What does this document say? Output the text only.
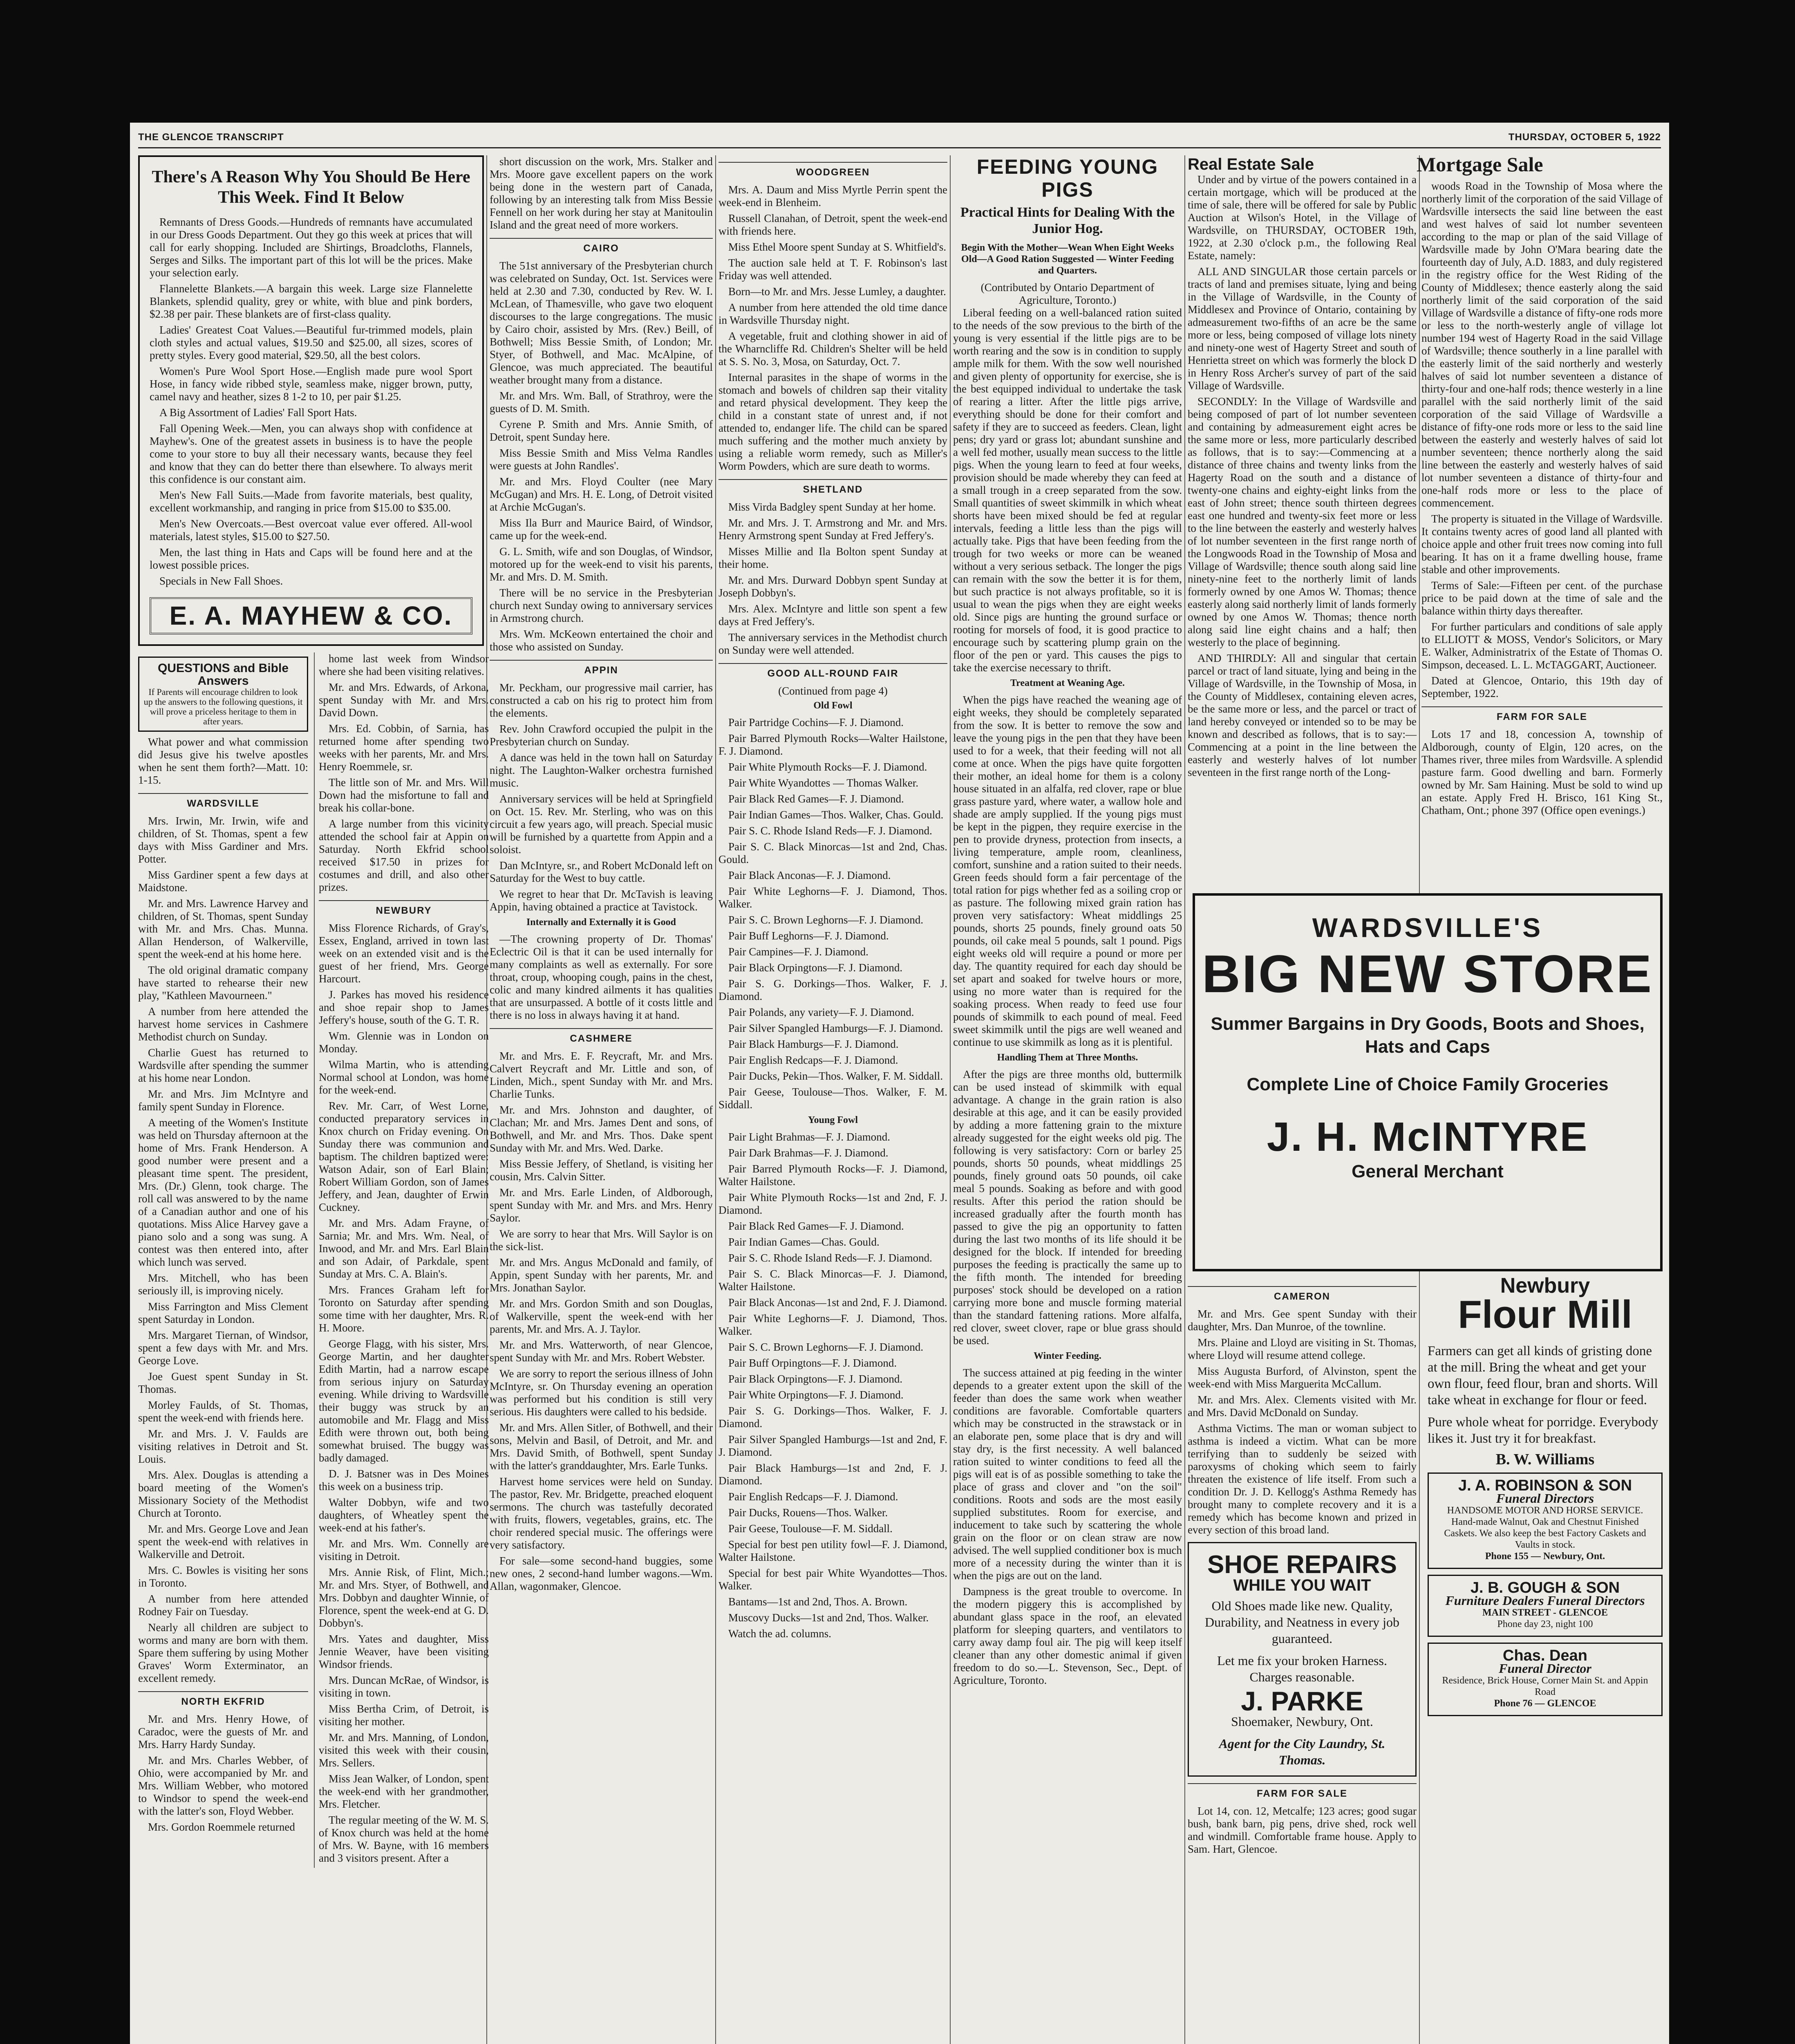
THE GLENCOE TRANSCRIPT	THURSDAY, OCTOBER 5, 1922
There's A Reason Why You Should Be Here This Week. Find It Below

Remnants of Dress Goods.—Hundreds of remnants have accumulated in our Dress Goods Department. Out they go this week at prices that will call for early shopping. Included are Shirtings, Broadcloths, Flannels, Serges and Silks. The important part of this lot will be the prices. Make your selection early.

Flannelette Blankets.—A bargain this week. Large size Flannelette Blankets, splendid quality, grey or white, with blue and pink borders, $2.38 per pair. These blankets are of first-class quality.

Ladies' Greatest Coat Values.—Beautiful fur-trimmed models, plain cloth styles and actual values, $19.50 and $25.00, all sizes, scores of pretty styles. Every good material, $29.50, all the best colors.

Women's Pure Wool Sport Hose.—English made pure wool Sport Hose, in fancy wide ribbed style, seamless make, nigger brown, putty, camel navy and heather, sizes 8 1-2 to 10, per pair $1.25.

A Big Assortment of Ladies' Fall Sport Hats.

Fall Opening Week.—Men, you can always shop with confidence at Mayhew's. One of the greatest assets in business is to have the people come to your store to buy all their necessary wants, because they feel and know that they can do better there than elsewhere. To always merit this confidence is our constant aim.

Men's New Fall Suits.—Made from favorite materials, best quality, excellent workmanship, and ranging in price from $15.00 to $35.00.

Men's New Overcoats.—Best overcoat value ever offered. All-wool materials, latest styles, $15.00 to $27.50.

Men, the last thing in Hats and Caps will be found here and at the lowest possible prices.

Specials in New Fall Shoes.

E. A. MAYHEW & CO.
QUESTIONS and Bible Answers
If Parents will encourage children to look up the answers to the following questions, it will prove a priceless heritage to them in after years.

What power and what commission did Jesus give his twelve apostles when he sent them forth?—Matt. 10: 1-15.

WARDSVILLE

Mrs. Irwin, Mr. Irwin, wife and children, of St. Thomas, spent a few days with Miss Gardiner and Mrs. Potter.

Miss Gardiner spent a few days at Maidstone.

Mr. and Mrs. Lawrence Harvey and children, of St. Thomas, spent Sunday with Mr. and Mrs. Chas. Munna. Allan Henderson, of Walkerville, spent the week-end at his home here.

The old original dramatic company have started to rehearse their new play, "Kathleen Mavourneen."

A number from here attended the harvest home services in Cashmere Methodist church on Sunday.

Charlie Guest has returned to Wardsville after spending the summer at his home near London.

Mr. and Mrs. Jim McIntyre and family spent Sunday in Florence.

A meeting of the Women's Institute was held on Thursday afternoon at the home of Mrs. Frank Henderson. A good number were present and a pleasant time spent. The president, Mrs. (Dr.) Glenn, took charge. The roll call was answered to by the name of a Canadian author and one of his quotations. Miss Alice Harvey gave a piano solo and a song was sung. A contest was then entered into, after which lunch was served.

Mrs. Mitchell, who has been seriously ill, is improving nicely.

Miss Farrington and Miss Clement spent Saturday in London.

Mrs. Margaret Tiernan, of Windsor, spent a few days with Mr. and Mrs. George Love.

Joe Guest spent Sunday in St. Thomas.

Morley Faulds, of St. Thomas, spent the week-end with friends here.

Mr. and Mrs. J. V. Faulds are visiting relatives in Detroit and St. Louis.

Mrs. Alex. Douglas is attending a board meeting of the Women's Missionary Society of the Methodist Church at Toronto.

Mr. and Mrs. George Love and Jean spent the week-end with relatives in Walkerville and Detroit.

Mrs. C. Bowles is visiting her sons in Toronto.

A number from here attended Rodney Fair on Tuesday.

Nearly all children are subject to worms and many are born with them. Spare them suffering by using Mother Graves' Worm Exterminator, an excellent remedy.

NORTH EKFRID

Mr. and Mrs. Henry Howe, of Caradoc, were the guests of Mr. and Mrs. Harry Hardy Sunday.

Mr. and Mrs. Charles Webber, of Ohio, were accompanied by Mr. and Mrs. William Webber, who motored to Windsor to spend the week-end with the latter's son, Floyd Webber.

Mrs. Gordon Roemmele returned

home last week from Windsor where she had been visiting relatives.

Mr. and Mrs. Edwards, of Arkona, spent Sunday with Mr. and Mrs. David Down.

Mrs. Ed. Cobbin, of Sarnia, has returned home after spending two weeks with her parents, Mr. and Mrs. Henry Roemmele, sr.

The little son of Mr. and Mrs. Will Down had the misfortune to fall and break his collar-bone.

A large number from this vicinity attended the school fair at Appin on Saturday. North Ekfrid school received $17.50 in prizes for costumes and drill, and also other prizes.

NEWBURY

Miss Florence Richards, of Gray's, Essex, England, arrived in town last week on an extended visit and is the guest of her friend, Mrs. George Harcourt.

J. Parkes has moved his residence and shoe repair shop to James Jeffery's house, south of the G. T. R.

Wm. Glennie was in London on Monday.

Wilma Martin, who is attending Normal school at London, was home for the week-end.

Rev. Mr. Carr, of West Lorne, conducted preparatory services in Knox church on Friday evening. On Sunday there was communion and baptism. The children baptized were: Watson Adair, son of Earl Blain; Robert William Gordon, son of James Jeffery, and Jean, daughter of Erwin Cuckney.

Mr. and Mrs. Adam Frayne, of Sarnia; Mr. and Mrs. Wm. Neal, of Inwood, and Mr. and Mrs. Earl Blain and son Adair, of Parkdale, spent Sunday at Mrs. C. A. Blain's.

Mrs. Frances Graham left for Toronto on Saturday after spending some time with her daughter, Mrs. R. H. Moore.

George Flagg, with his sister, Mrs. George Martin, and her daughter Edith Martin, had a narrow escape from serious injury on Saturday evening. While driving to Wardsville their buggy was struck by an automobile and Mr. Flagg and Miss Edith were thrown out, both being somewhat bruised. The buggy was badly damaged.

D. J. Batsner was in Des Moines this week on a business trip.

Walter Dobbyn, wife and two daughters, of Wheatley spent the week-end at his father's.

Mr. and Mrs. Wm. Connelly are visiting in Detroit.

Mrs. Annie Risk, of Flint, Mich.; Mr. and Mrs. Styer, of Bothwell, and Mrs. Dobbyn and daughter Winnie, of Florence, spent the week-end at G. D. Dobbyn's.

Mrs. Yates and daughter, Miss Jennie Weaver, have been visiting Windsor friends.

Mrs. Duncan McRae, of Windsor, is visiting in town.

Miss Bertha Crim, of Detroit, is visiting her mother.

Mr. and Mrs. Manning, of London, visited this week with their cousin, Mrs. Sellers.

Miss Jean Walker, of London, spent the week-end with her grandmother, Mrs. Fletcher.

The regular meeting of the W. M. S. of Knox church was held at the home of Mrs. W. Bayne, with 16 members and 3 visitors present. After a

short discussion on the work, Mrs. Stalker and Mrs. Moore gave excellent papers on the work being done in the western part of Canada, following by an interesting talk from Miss Bessie Fennell on her work during her stay at Manitoulin Island and the great need of more workers.

CAIRO

The 51st anniversary of the Presbyterian church was celebrated on Sunday, Oct. 1st. Services were held at 2.30 and 7.30, conducted by Rev. W. I. McLean, of Thamesville, who gave two eloquent discourses to the large congregations. The music by Cairo choir, assisted by Mrs. (Rev.) Beill, of Bothwell; Miss Bessie Smith, of London; Mr. Styer, of Bothwell, and Mac. McAlpine, of Glencoe, was much appreciated. The beautiful weather brought many from a distance.

Mr. and Mrs. Wm. Ball, of Strathroy, were the guests of D. M. Smith.

Cyrene P. Smith and Mrs. Annie Smith, of Detroit, spent Sunday here.

Miss Bessie Smith and Miss Velma Randles were guests at John Randles'.

Mr. and Mrs. Floyd Coulter (nee Mary McGugan) and Mrs. H. E. Long, of Detroit visited at Archie McGugan's.

Miss Ila Burr and Maurice Baird, of Windsor, came up for the week-end.

G. L. Smith, wife and son Douglas, of Windsor, motored up for the week-end to visit his parents, Mr. and Mrs. D. M. Smith.

There will be no service in the Presbyterian church next Sunday owing to anniversary services in Armstrong church.

Mrs. Wm. McKeown entertained the choir and those who assisted on Sunday.

APPIN

Mr. Peckham, our progressive mail carrier, has constructed a cab on his rig to protect him from the elements.

Rev. John Crawford occupied the pulpit in the Presbyterian church on Sunday.

A dance was held in the town hall on Saturday night. The Laughton-Walker orchestra furnished music.

Anniversary services will be held at Springfield on Oct. 15. Rev. Mr. Sterling, who was on this circuit a few years ago, will preach. Special music will be furnished by a quartette from Appin and a soloist.

Dan McIntyre, sr., and Robert McDonald left on Saturday for the West to buy cattle.

We regret to hear that Dr. McTavish is leaving Appin, having obtained a practice at Tavistock.

Internally and Externally it is Good

—The crowning property of Dr. Thomas' Eclectric Oil is that it can be used internally for many complaints as well as externally. For sore throat, croup, whooping cough, pains in the chest, colic and many kindred ailments it has qualities that are unsurpassed. A bottle of it costs little and there is no loss in always having it at hand.

CASHMERE

Mr. and Mrs. E. F. Reycraft, Mr. and Mrs. Calvert Reycraft and Mr. Little and son, of Linden, Mich., spent Sunday with Mr. and Mrs. Charlie Tunks.

Mr. and Mrs. Johnston and daughter, of Clachan; Mr. and Mrs. James Dent and sons, of Bothwell, and Mr. and Mrs. Thos. Dake spent Sunday with Mr. and Mrs. Wed. Darke.

Miss Bessie Jeffery, of Shetland, is visiting her cousin, Mrs. Calvin Sitter.

Mr. and Mrs. Earle Linden, of Aldborough, spent Sunday with Mr. and Mrs. and Mrs. Henry Saylor.

We are sorry to hear that Mrs. Will Saylor is on the sick-list.

Mr. and Mrs. Angus McDonald and family, of Appin, spent Sunday with her parents, Mr. and Mrs. Jonathan Saylor.

Mr. and Mrs. Gordon Smith and son Douglas, of Walkerville, spent the week-end with her parents, Mr. and Mrs. A. J. Taylor.

Mr. and Mrs. Watterworth, of near Glencoe, spent Sunday with Mr. and Mrs. Robert Webster.

We are sorry to report the serious illness of John McIntyre, sr. On Thursday evening an operation was performed but his condition is still very serious. His daughters were called to his bedside.

Mr. and Mrs. Allen Sitler, of Bothwell, and their sons, Melvin and Basil, of Detroit, and Mr. and Mrs. David Smith, of Bothwell, spent Sunday with the latter's granddaughter, Mrs. Earle Tunks.

Harvest home services were held on Sunday. The pastor, Rev. Mr. Bridgette, preached eloquent sermons. The church was tastefully decorated with fruits, flowers, vegetables, grains, etc. The choir rendered special music. The offerings were very satisfactory.

For sale—some second-hand buggies, some new ones, 2 second-hand lumber wagons.—Wm. Allan, wagonmaker, Glencoe.

WOODGREEN

Mrs. A. Daum and Miss Myrtle Perrin spent the week-end in Blenheim.

Russell Clanahan, of Detroit, spent the week-end with friends here.

Miss Ethel Moore spent Sunday at S. Whitfield's.

The auction sale held at T. F. Robinson's last Friday was well attended.

Born—to Mr. and Mrs. Jesse Lumley, a daughter.

A number from here attended the old time dance in Wardsville Thursday night.

A vegetable, fruit and clothing shower in aid of the Wharncliffe Rd. Children's Shelter will be held at S. S. No. 3, Mosa, on Saturday, Oct. 7.

Internal parasites in the shape of worms in the stomach and bowels of children sap their vitality and retard physical development. They keep the child in a constant state of unrest and, if not attended to, endanger life. The child can be spared much suffering and the mother much anxiety by using a reliable worm remedy, such as Miller's Worm Powders, which are sure death to worms.

SHETLAND

Miss Virda Badgley spent Sunday at her home.

Mr. and Mrs. J. T. Armstrong and Mr. and Mrs. Henry Armstrong spent Sunday at Fred Jeffery's.

Misses Millie and Ila Bolton spent Sunday at their home.

Mr. and Mrs. Durward Dobbyn spent Sunday at Joseph Dobbyn's.

Mrs. Alex. McIntyre and little son spent a few days at Fred Jeffery's.

The anniversary services in the Methodist church on Sunday were well attended.

GOOD ALL-ROUND FAIR
(Continued from page 4)
Old Fowl

Pair Partridge Cochins—F. J. Diamond.

Pair Barred Plymouth Rocks—Walter Hailstone, F. J. Diamond.

Pair White Plymouth Rocks—F. J. Diamond.

Pair White Wyandottes — Thomas Walker.

Pair Black Red Games—F. J. Diamond.

Pair Indian Games—Thos. Walker, Chas. Gould.

Pair S. C. Rhode Island Reds—F. J. Diamond.

Pair S. C. Black Minorcas—1st and 2nd, Chas. Gould.

Pair Black Anconas—F. J. Diamond.

Pair White Leghorns—F. J. Diamond, Thos. Walker.

Pair S. C. Brown Leghorns—F. J. Diamond.

Pair Buff Leghorns—F. J. Diamond.

Pair Campines—F. J. Diamond.

Pair Black Orpingtons—F. J. Diamond.

Pair S. G. Dorkings—Thos. Walker, F. J. Diamond.

Pair Polands, any variety—F. J. Diamond.

Pair Silver Spangled Hamburgs—F. J. Diamond.

Pair Black Hamburgs—F. J. Diamond.

Pair English Redcaps—F. J. Diamond.

Pair Ducks, Pekin—Thos. Walker, F. M. Siddall.

Pair Geese, Toulouse—Thos. Walker, F. M. Siddall.

Young Fowl

Pair Light Brahmas—F. J. Diamond.

Pair Dark Brahmas—F. J. Diamond.

Pair Barred Plymouth Rocks—F. J. Diamond, Walter Hailstone.

Pair White Plymouth Rocks—1st and 2nd, F. J. Diamond.

Pair Black Red Games—F. J. Diamond.

Pair Indian Games—Chas. Gould.

Pair S. C. Rhode Island Reds—F. J. Diamond.

Pair S. C. Black Minorcas—F. J. Diamond, Walter Hailstone.

Pair Black Anconas—1st and 2nd, F. J. Diamond.

Pair White Leghorns—F. J. Diamond, Thos. Walker.

Pair S. C. Brown Leghorns—F. J. Diamond.

Pair Buff Orpingtons—F. J. Diamond.

Pair Black Orpingtons—F. J. Diamond.

Pair White Orpingtons—F. J. Diamond.

Pair S. G. Dorkings—Thos. Walker, F. J. Diamond.

Pair Silver Spangled Hamburgs—1st and 2nd, F. J. Diamond.

Pair Black Hamburgs—1st and 2nd, F. J. Diamond.

Pair English Redcaps—F. J. Diamond.

Pair Ducks, Rouens—Thos. Walker.

Pair Geese, Toulouse—F. M. Siddall.

Special for best pen utility fowl—F. J. Diamond, Walter Hailstone.

Special for best pair White Wyandottes—Thos. Walker.

Bantams—1st and 2nd, Thos. A. Brown.

Muscovy Ducks—1st and 2nd, Thos. Walker.

Watch the ad. columns.

FEEDING YOUNG PIGS
Practical Hints for Dealing With the Junior Hog.
Begin With the Mother—Wean When Eight Weeks Old—A Good Ration Suggested — Winter Feeding and Quarters.
(Contributed by Ontario Department of Agriculture, Toronto.)

Liberal feeding on a well-balanced ration suited to the needs of the sow previous to the birth of the young is very essential if the little pigs are to be worth rearing and the sow is in condition to supply ample milk for them. With the sow well nourished and given plenty of opportunity for exercise, she is the best equipped individual to undertake the task of rearing a litter. After the little pigs arrive, everything should be done for their comfort and safety if they are to succeed as feeders. Clean, light pens; dry yard or grass lot; abundant sunshine and a well fed mother, usually mean success to the little pigs. When the young learn to feed at four weeks, provision should be made whereby they can feed at a small trough in a creep separated from the sow. Small quantities of sweet skimmilk in which wheat shorts have been mixed should be fed at regular intervals, feeding a little less than the pigs will actually take. Pigs that have been feeding from the trough for two weeks or more can be weaned without a very serious setback. The longer the pigs can remain with the sow the better it is for them, but such practice is not always profitable, so it is usual to wean the pigs when they are eight weeks old. Since pigs are hunting the ground surface or rooting for morsels of food, it is good practice to encourage such by scattering plump grain on the floor of the pen or yard. This causes the pigs to take the exercise necessary to thrift.

Treatment at Weaning Age.

When the pigs have reached the weaning age of eight weeks, they should be completely separated from the sow. It is better to remove the sow and leave the young pigs in the pen that they have been used to for a week, that their feeding will not all come at once. When the pigs have quite forgotten their mother, an ideal home for them is a colony house situated in an alfalfa, red clover, rape or blue grass pasture yard, where water, a wallow hole and shade are amply supplied. If the young pigs must be kept in the pigpen, they require exercise in the pen to provide dryness, protection from insects, a living temperature, ample room, cleanliness, comfort, sunshine and a ration suited to their needs. Green feeds should form a fair percentage of the total ration for pigs whether fed as a soiling crop or as pasture. The following mixed grain ration has proven very satisfactory: Wheat middlings 25 pounds, shorts 25 pounds, finely ground oats 50 pounds, oil cake meal 5 pounds, salt 1 pound. Pigs eight weeks old will require a pound or more per day. The quantity required for each day should be set apart and soaked for twelve hours or more, using no more water than is required for the soaking process. When ready to feed use four pounds of skimmilk to each pound of meal. Feed sweet skimmilk until the pigs are well weaned and continue to use skimmilk as long as it is plentiful.

Handling Them at Three Months.

After the pigs are three months old, buttermilk can be used instead of skimmilk with equal advantage. A change in the grain ration is also desirable at this age, and it can be easily provided by adding a more fattening grain to the mixture already suggested for the eight weeks old pig. The following is very satisfactory: Corn or barley 25 pounds, shorts 50 pounds, wheat middlings 25 pounds, finely ground oats 50 pounds, oil cake meal 5 pounds. Soaking as before and with good results. After this period the ration should be increased gradually after the fourth month has passed to give the pig an opportunity to fatten during the last two months of its life should it be designed for the block. If intended for breeding purposes the feeding is practically the same up to the fifth month. The intended for breeding purposes' stock should be developed on a ration carrying more bone and muscle forming material than the standard fattening rations. More alfalfa, red clover, sweet clover, rape or blue grass should be used.

Winter Feeding.

The success attained at pig feeding in the winter depends to a greater extent upon the skill of the feeder than does the same work when weather conditions are favorable. Comfortable quarters which may be constructed in the strawstack or in an elaborate pen, some place that is dry and will stay dry, is the first necessity. A well balanced ration suited to winter conditions to feed all the pigs will eat is of as possible something to take the place of grass and clover and "on the soil" conditions. Roots and sods are the most easily supplied substitutes. Room for exercise, and inducement to take such by scattering the whole grain on the floor or on clean straw are now advised. The well supplied conditioner box is much more of a necessity during the winter than it is when the pigs are out on the land.

Dampness is the great trouble to overcome. In the modern piggery this is accomplished by abundant glass space in the roof, an elevated platform for sleeping quarters, and ventilators to carry away damp foul air. The pig will keep itself cleaner than any other domestic animal if given freedom to do so.—L. Stevenson, Sec., Dept. of Agriculture, Toronto.

Real Estate Sale	Mortgage Sale

Under and by virtue of the powers contained in a certain mortgage, which will be produced at the time of sale, there will be offered for sale by Public Auction at Wilson's Hotel, in the Village of Wardsville, on THURSDAY, OCTOBER 19th, 1922, at 2.30 o'clock p.m., the following Real Estate, namely:

ALL AND SINGULAR those certain parcels or tracts of land and premises situate, lying and being in the Village of Wardsville, in the County of Middlesex and Province of Ontario, containing by admeasurement two-fifths of an acre be the same more or less, being composed of village lots ninety and ninety-one west of Hagerty Street and south of Henrietta street on which was formerly the block D in Henry Ross Archer's survey of part of the said Village of Wardsville.

SECONDLY: In the Village of Wardsville and being composed of part of lot number seventeen and containing by admeasurement eight acres be the same more or less, more particularly described as follows, that is to say:—Commencing at a distance of three chains and twenty links from the Hagerty Road on the south and a distance of twenty-one chains and eighty-eight links from the east of John street; thence south thirteen degrees east one hundred and twenty-six feet more or less to the line between the easterly and westerly halves of lot number seventeen in the first range north of the Longwoods Road in the Township of Mosa and Village of Wardsville; thence south along said line ninety-nine feet to the northerly limit of lands formerly owned by one Amos W. Thomas; thence easterly along said northerly limit of lands formerly owned by one Amos W. Thomas; thence north along said line eight chains and a half; then westerly to the place of beginning.

AND THIRDLY: All and singular that certain parcel or tract of land situate, lying and being in the Village of Wardsville, in the Township of Mosa, in the County of Middlesex, containing eleven acres, be the same more or less, and the parcel or tract of land hereby conveyed or intended so to be may be known and described as follows, that is to say:—Commencing at a point in the line between the easterly and westerly halves of lot number seventeen in the first range north of the Long-

woods Road in the Township of Mosa where the northerly limit of the corporation of the said Village of Wardsville intersects the said line between the east and west halves of said lot number seventeen according to the map or plan of the said Village of Wardsville made by John O'Mara bearing date the fourteenth day of July, A.D. 1883, and duly registered in the registry office for the West Riding of the County of Middlesex; thence easterly along the said northerly limit of the said corporation of the said Village of Wardsville a distance of fifty-one rods more or less to the north-westerly angle of village lot number 194 west of Hagerty Road in the said Village of Wardsville; thence southerly in a line parallel with the easterly limit of the said northerly and westerly halves of said lot number seventeen a distance of thirty-four and one-half rods; thence westerly in a line parallel with the said northerly limit of the said corporation of the said Village of Wardsville a distance of fifty-one rods more or less to the said line between the easterly and westerly halves of said lot number seventeen; thence northerly along the said line between the easterly and westerly halves of said lot number seventeen a distance of thirty-four and one-half rods more or less to the place of commencement.

The property is situated in the Village of Wardsville. It contains twenty acres of good land all planted with choice apple and other fruit trees now coming into full bearing. It has on it a frame dwelling house, frame stable and other improvements.

Terms of Sale:—Fifteen per cent. of the purchase price to be paid down at the time of sale and the balance within thirty days thereafter.

For further particulars and conditions of sale apply to ELLIOTT & MOSS, Vendor's Solicitors, or Mary E. Walker, Administratrix of the Estate of Thomas O. Simpson, deceased. L. L. McTAGGART, Auctioneer.

Dated at Glencoe, Ontario, this 19th day of September, 1922.

FARM FOR SALE

Lots 17 and 18, concession A, township of Aldborough, county of Elgin, 120 acres, on the Thames river, three miles from Wardsville. A splendid pasture farm. Good dwelling and barn. Formerly owned by Mr. Sam Haining. Must be sold to wind up an estate. Apply Fred H. Brisco, 161 King St., Chatham, Ont.; phone 397 (Office open evenings.)

WARDSVILLE'S
BIG NEW STORE
Summer Bargains in Dry Goods, Boots and Shoes, Hats and Caps
Complete Line of Choice Family Groceries
J. H. McINTYRE
General Merchant
CAMERON

Mr. and Mrs. Gee spent Sunday with their daughter, Mrs. Dan Munroe, of the townline.

Mrs. Plaine and Lloyd are visiting in St. Thomas, where Lloyd will resume attend college.

Miss Augusta Burford, of Alvinston, spent the week-end with Miss Marguerita McCallum.

Mr. and Mrs. Alex. Clements visited with Mr. and Mrs. David McDonald on Sunday.

Asthma Victims. The man or woman subject to asthma is indeed a victim. What can be more terrifying than to suddenly be seized with paroxysms of choking which seem to fairly threaten the existence of life itself. From such a condition Dr. J. D. Kellogg's Asthma Remedy has brought many to complete recovery and it is a remedy which has become known and prized in every section of this broad land.

SHOE REPAIRS
WHILE YOU WAIT
Old Shoes made like new. Quality, Durability, and Neatness in every job guaranteed.
Let me fix your broken Harness. Charges reasonable.
J. PARKE
Shoemaker, Newbury, Ont.
Agent for the City Laundry, St. Thomas.
FARM FOR SALE

Lot 14, con. 12, Metcalfe; 123 acres; good sugar bush, bank barn, pig pens, drive shed, rock well and windmill. Comfortable frame house. Apply to Sam. Hart, Glencoe.

Newbury
Flour Mill
Farmers can get all kinds of gristing done at the mill. Bring the wheat and get your own flour, feed flour, bran and shorts. Will take wheat in exchange for flour or feed.
Pure whole wheat for porridge. Everybody likes it. Just try it for breakfast.
B. W. Williams
J. A. ROBINSON & SON
Funeral Directors
HANDSOME MOTOR AND HORSE SERVICE. Hand-made Walnut, Oak and Chestnut Finished Caskets. We also keep the best Factory Caskets and Vaults in stock.
Phone 155 — Newbury, Ont.
J. B. GOUGH & SON
Furniture Dealers Funeral Directors
MAIN STREET - GLENCOE
Phone day 23, night 100
Chas. Dean
Funeral Director
Residence, Brick House, Corner Main St. and Appin Road
Phone 76 — GLENCOE
